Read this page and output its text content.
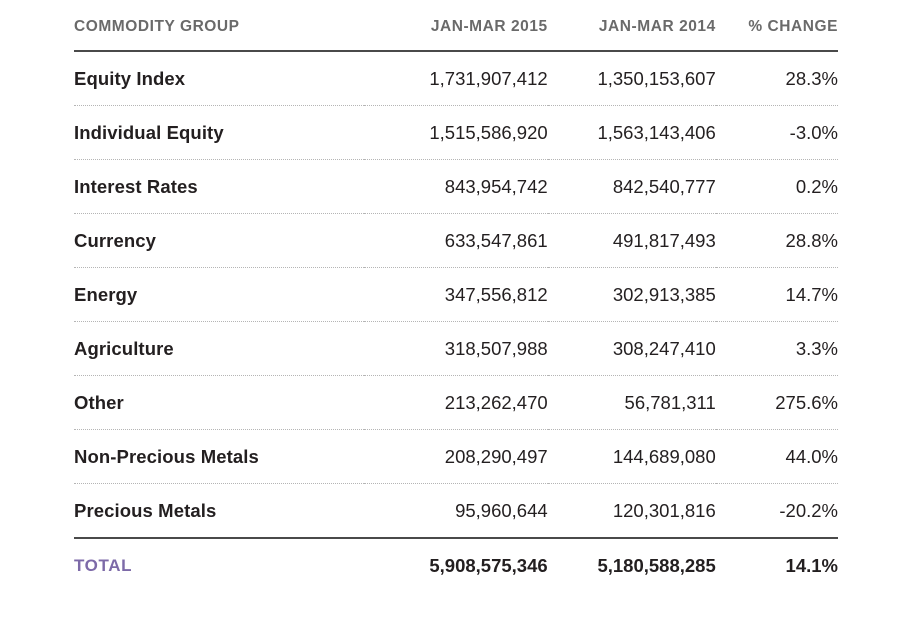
COMMODITY GROUP	JAN-MAR 2015	JAN-MAR 2014	% CHANGE
Equity Index	1,731,907,412	1,350,153,607	28.3%
Individual Equity	1,515,586,920	1,563,143,406	-3.0%
Interest Rates	843,954,742	842,540,777	0.2%
Currency	633,547,861	491,817,493	28.8%
Energy	347,556,812	302,913,385	14.7%
Agriculture	318,507,988	308,247,410	3.3%
Other	213,262,470	56,781,311	275.6%
Non-Precious Metals	208,290,497	144,689,080	44.0%
Precious Metals	95,960,644	120,301,816	-20.2%
TOTAL	5,908,575,346	5,180,588,285	14.1%
